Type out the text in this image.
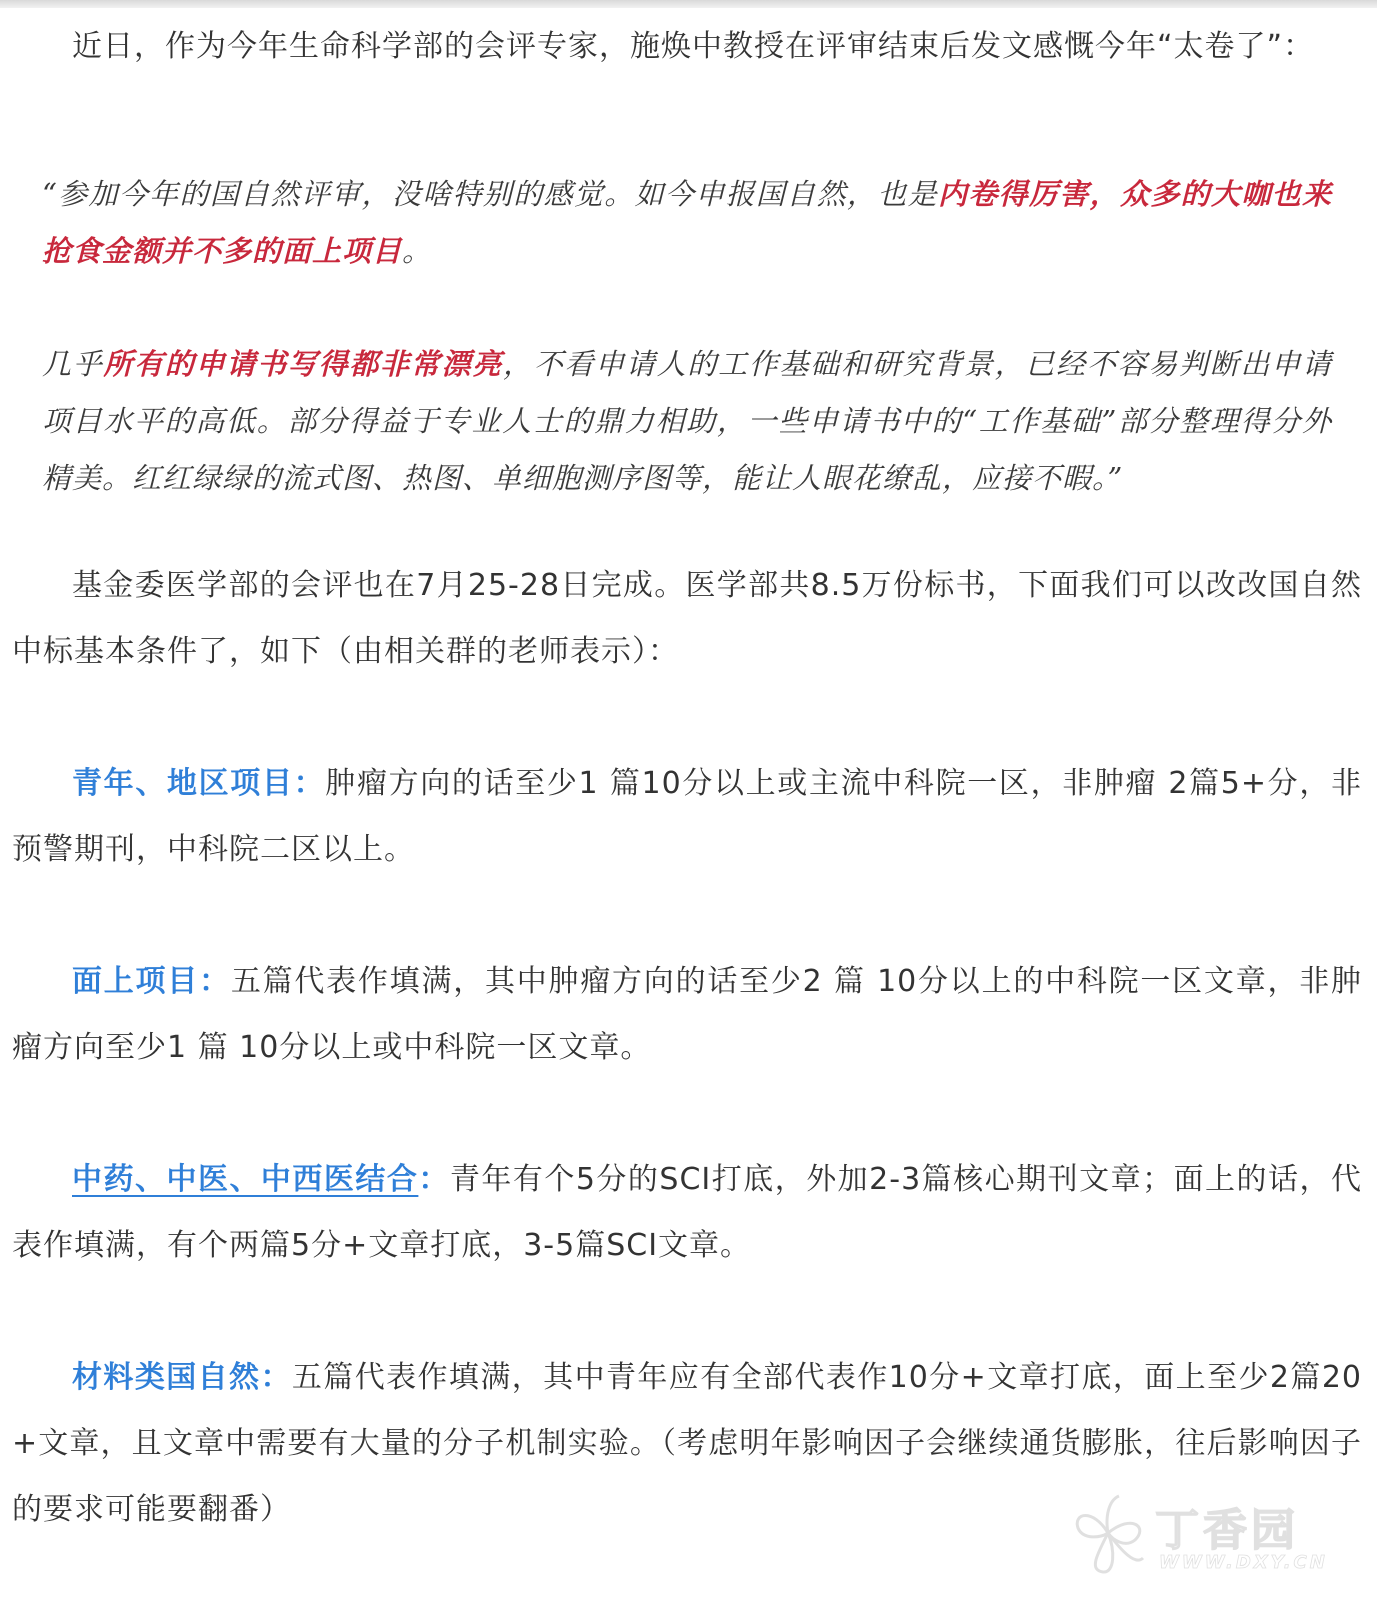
近日，作为今年生命科学部的会评专家，施焕中教授在评审结束后发文感慨今年“太卷了”：

“参加今年的国自然评审，没啥特别的感觉。如今申报国自然，也是内卷得厉害，众多的大咖也来抢食金额并不多的面上项目。

几乎所有的申请书写得都非常漂亮，不看申请人的工作基础和研究背景，已经不容易判断出申请项目水平的高低。部分得益于专业人士的鼎力相助，一些申请书中的“工作基础”部分整理得分外精美。红红绿绿的流式图、热图、单细胞测序图等，能让人眼花缭乱，应接不暇。”

基金委医学部的会评也在7月25-28日完成。医学部共8.5万份标书，下面我们可以改改国自然中标基本条件了，如下（由相关群的老师表示）：

青年、地区项目：肿瘤方向的话至少1 篇10分以上或主流中科院一区，非肿瘤 2篇5+分，非预警期刊，中科院二区以上。

面上项目：五篇代表作填满，其中肿瘤方向的话至少2 篇 10分以上的中科院一区文章，非肿瘤方向至少1 篇 10分以上或中科院一区文章。

中药、中医、中西医结合：青年有个5分的SCI打底，外加2-3篇核心期刊文章；面上的话，代表作填满，有个两篇5分+文章打底，3-5篇SCI文章。

材料类国自然：五篇代表作填满，其中青年应有全部代表作10分+文章打底，面上至少2篇20+文章，且文章中需要有大量的分子机制实验。（考虑明年影响因子会继续通货膨胀，往后影响因子的要求可能要翻番）	丁香园
WWW.DXY.CN
